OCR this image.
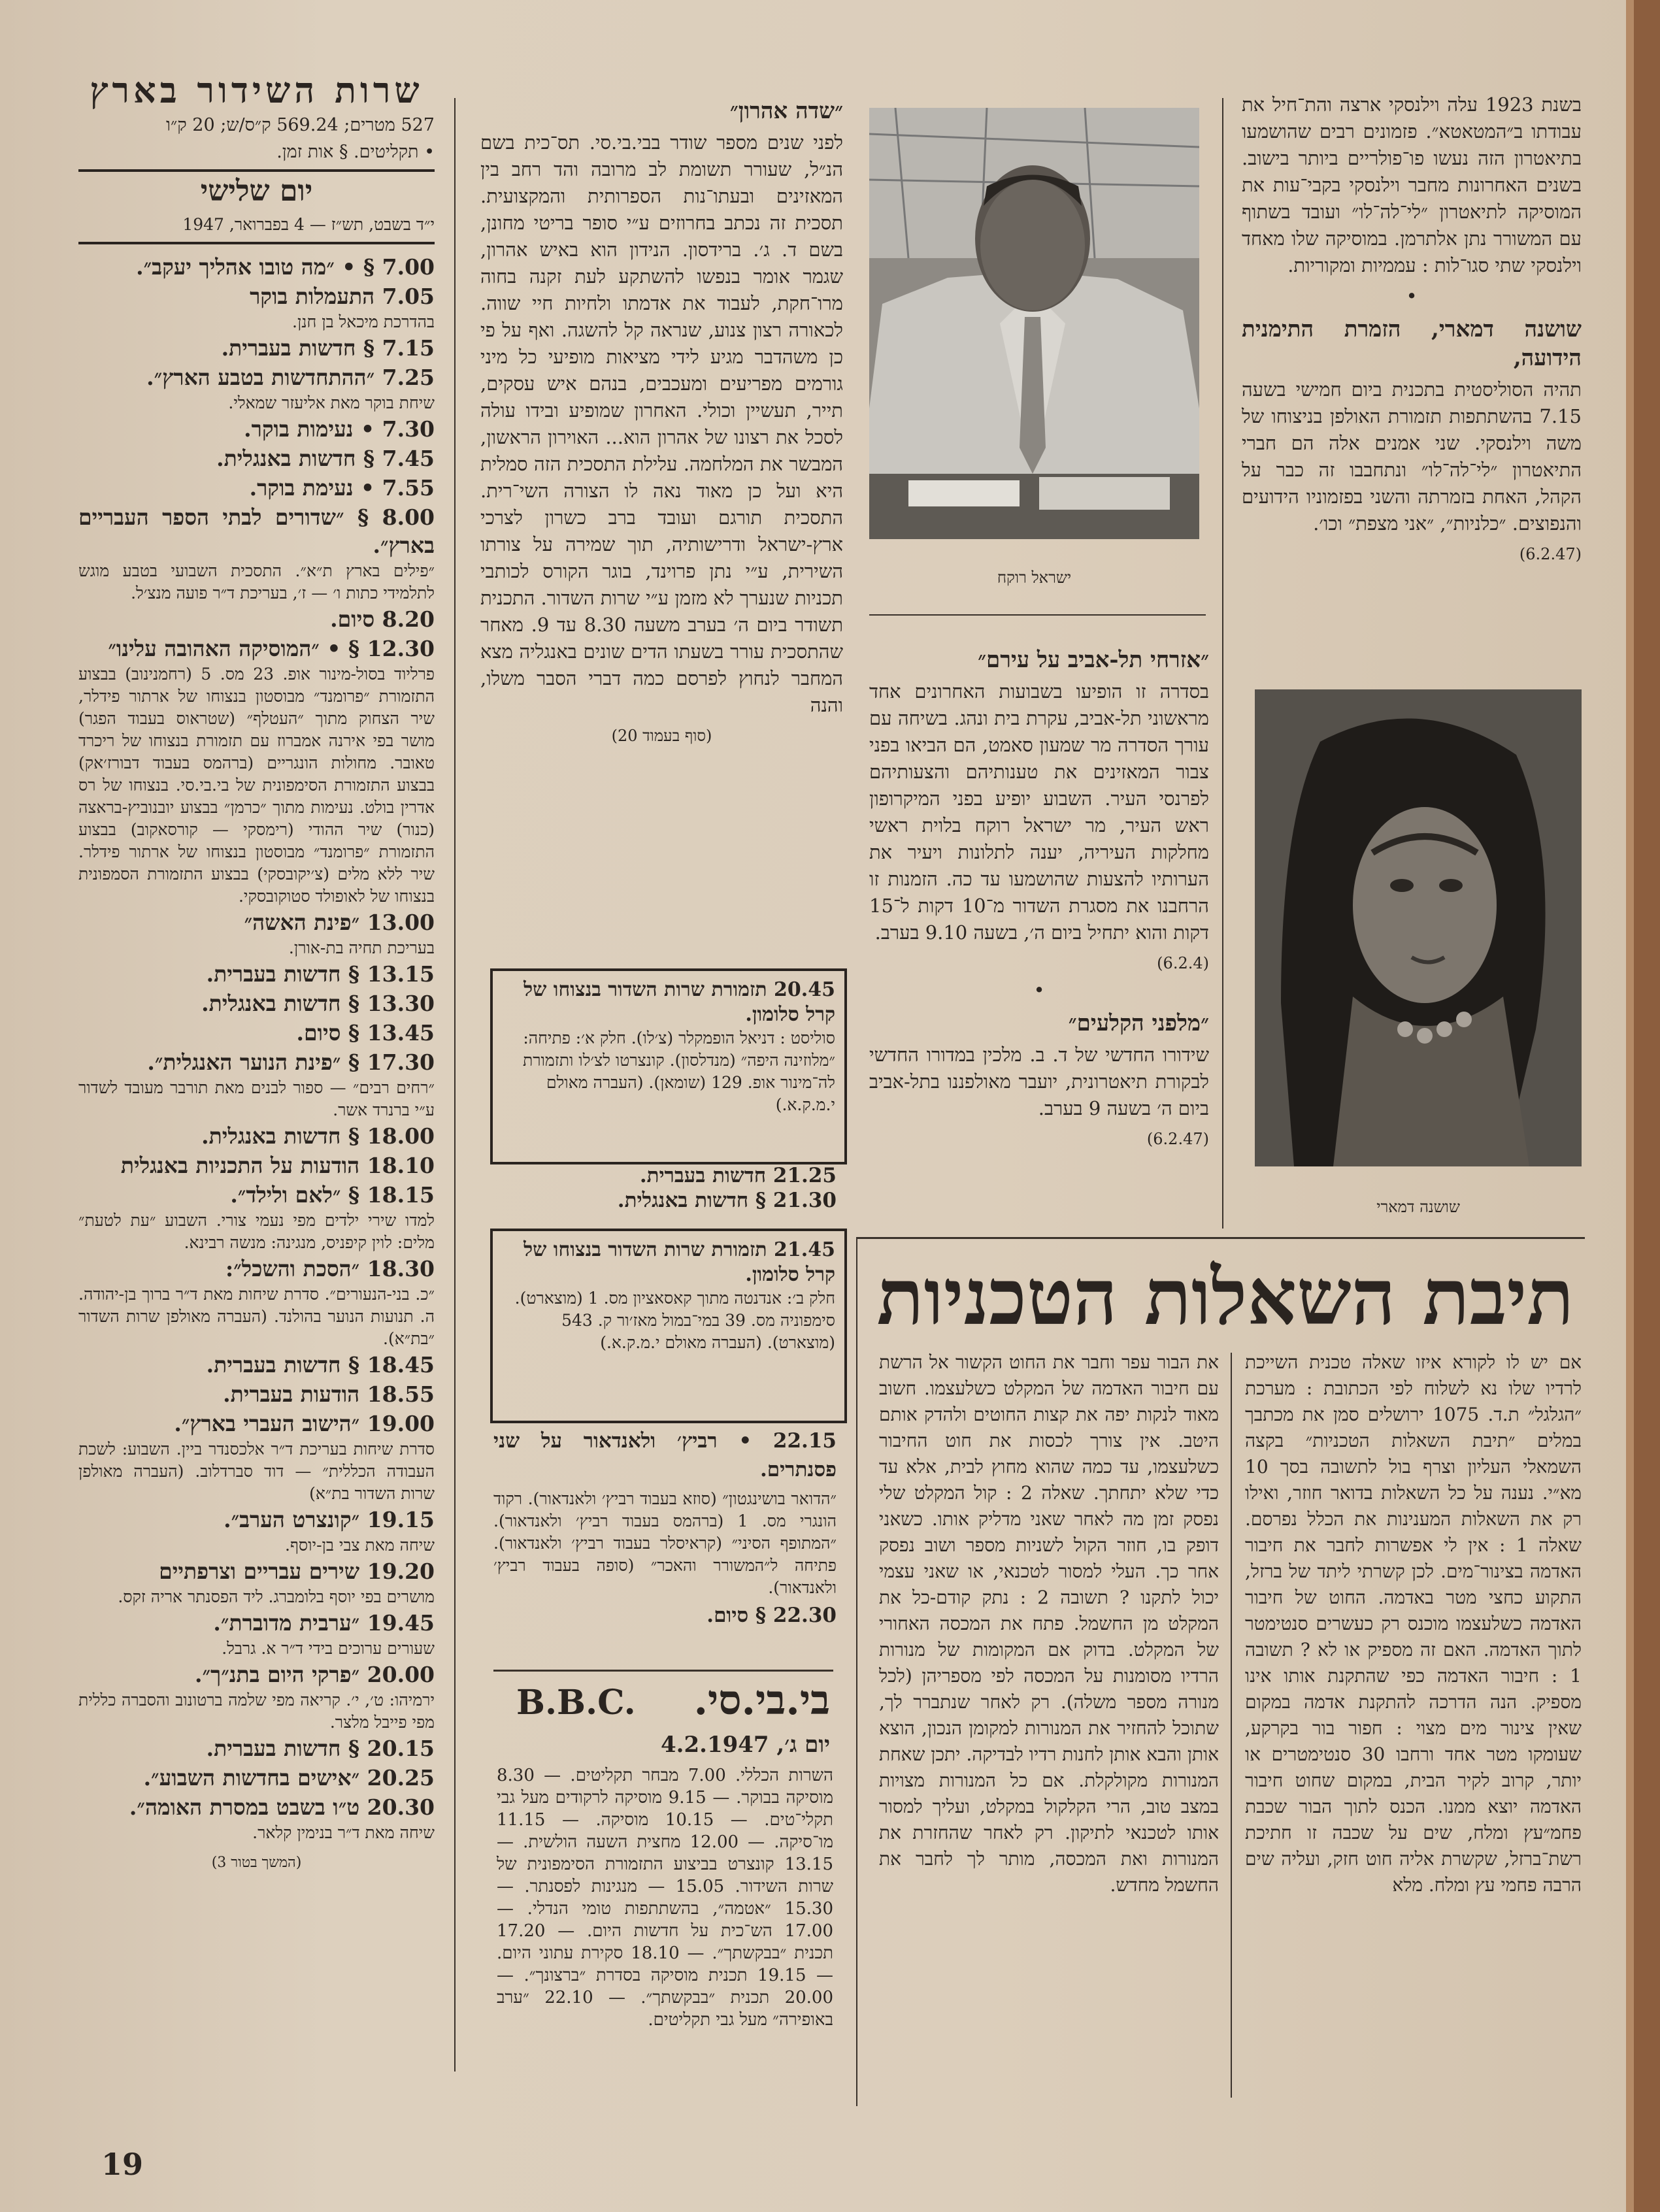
שרות השידור בארץ
527 מטרים; 569.24 ק״ס/ש; 20 ק״ו
• תקליטים. § אות זמן.
יום שלישי
י״ד בשבט, תש״ז — 4 בפברואר, 1947
7.00 § • ״מה טובו אהליך יעקב״.
7.05 התעמלות בוקר
בהדרכת מיכאל בן חנן.
7.15 § חדשות בעברית.
7.25 ״ההתחדשות בטבע הארץ״.
שיחת בוקר מאת אליעזר שמאלי.
7.30 • נעימות בוקר.
7.45 § חדשות באנגלית.
7.55 • נעימת בוקר.
8.00 § ״שדורים לבתי הספר העבריים בארץ״.
״פילים בארץ ת״א״. התסכית השבועי בטבע מוגש לתלמידי כתות ו׳ — ז׳, בעריכת ד״ר פועה מנצ׳ל.
8.20 סיום.
12.30 § • ״המוסיקה האהובה עלינו״
פרליוד בסול-מינור אופ. 23 מס. 5 (רחמנינוב) בבצוע התזמורת ״פרומנד״ מבוסטון בנצוחו של ארתור פידלר, שיר הצחוק מתוך ״העטלף״ (שטראוס בעבוד הפגר) מושר בפי אירנה אמברוז עם תזמורת בנצוחו של ריכרד טאובר. מחולות הונגריים (ברהמס בעבוד דבורז׳אק) בבצוע התזמורת הסימפונית של בי.בי.סי. בנצוחו של רס אדרין בולט. נעימות מתוך ״כרמן״ בבצוע יובנוביץ-בראצה (כנור) שיר ההודי (רימסקי — קורסאקוב) בבצוע התזמורת ״פרומנד״ מבוסטון בנצוחו של ארתור פידלר. שיר ללא מלים (צ׳יקובסקי) בבצוע התזמורת הסמפונית בנצוחו של לאופולד סטוקובסקי.
13.00 ״פינת האשה״
בעריכת תחיה בת-אורן.
13.15 § חדשות בעברית.
13.30 § חדשות באנגלית.
13.45 § סיום.
17.30 § ״פינת הנוער האנגלית״.
״רחים רבים״ — ספור לבנים מאת תורבר מעובד לשדור ע״י ברנרד אשר.
18.00 § חדשות באנגלית.
18.10 הודעות על התכניות באנגלית
18.15 § ״לאם ולילד״.
למדו שירי ילדים מפי נעמי צורי. השבוע ״עת לטעת״ מלים: לוין קיפניס, מנגינה: מנשה רבינא.
18.30 ״הסכת והשכל״:
״כ. בני-הנעורים״. סדרת שיחות מאת ד״ר ברוך בן-יהודה. ה. תנועות הנוער בהולנד. (העברה מאולפן שרות השדור ״בת״א).
18.45 § חדשות בעברית.
18.55 הודעות בעברית.
19.00 ״הישוב העברי בארץ״.
סדרת שיחות בעריכת ד״ר אלכסנדר ביין. השבוע: לשכת העבודה הכללית״ — דוד סברדלוב. (העברה מאולפן שרות השדור בת״א)
19.15 ״קונצרט הערב״.
שיחה מאת צבי בן-יוסף.
19.20 שירים עבריים וצרפתיים
מושרים בפי יוסף בלומברג. ליד הפסנתר אריה זקס.
19.45 ״ערבית מדוברת״.
שעורים ערוכים בידי ד״ר א. גרבל.
20.00 ״פרקי היום בתנ״ך״.
ירמיהו: ט׳, י׳. קריאה מפי שלמה ברטונוב והסברה כללית מפי פייבל מלצר.
20.15 § חדשות בעברית.
20.25 ״אישים בחדשות השבוע״.
20.30 ט״ו בשבט במסרת האומה״.
שיחה מאת ד״ר בנימין קלאר.
(המשך בטור 3)
״שדה אהרון״

לפני שנים מספר שודר בבי.בי.סי. תס־כית בשם הנ״ל, שעורר תשומת לב מרובה והד רחב בין המאזינים ובעתו־נות הספרותית והמקצועית. תסכית זה נכתב בחרוזים ע״י סופר בריטי מחונן, בשם ד. ג׳. ברידסון. הנידון הוא באיש אהרון, שגמר אומר בנפשו להשתקע לעת זקנה בחוה מרו־חקת, לעבוד את אדמתו ולחיות חיי שווה. לכאורה רצון צנוע, שנראה קל להשגה. ואף על פי כן משהדבר מגיע לידי מציאות מופיעי כל מיני גורמים מפריעים ומעכבים, בנהם איש עסקים, תייר, תעשיין וכולי. האחרון שמופיע ובידו עולה לסכל את רצונו של אהרון הוא... האוירון הראשון, המבשר את המלחמה. עלילת התסכית הזה סמלית היא ועל כן מאוד נאה לו הצורה השי־רית. התסכית תורגם ועובד ברב כשרון לצרכי ארץ-ישראל ודרישותיה, תוך שמירה על צורתו השירית, ע״י נתן פרוינד, בוגר הקורס לכותבי תכניות שנערך לא מזמן ע״י שרות השדור. התכנית תשודר ביום ה׳ בערב משעה 8.30 עד 9. מאחר שהתסכית עורר בשעתו הדים שונים באנגליה מצא המחבר לנחוץ לפרסם כמה דברי הסבר משלו, והנה

(סוף בעמוד 20)
20.45 תזמורת שרות השדור בנצוחו של קרל סלומון.
סוליסט : דניאל הופמקלר (צ׳לו). חלק א׳: פתיחה: ״מלוזינה היפה״ (מנדלסון). קונצרטו לצ׳לו ותזמורת לה־מינור אופ. 129 (שומאן). (העברה מאולם י.מ.ק.א.)
21.25 חדשות בעברית.
21.30 § חדשות באנגלית.
21.45 תזמורת שרות השדור בנצוחו של קרל סלומון.
חלק ב׳: אנדנטה מתוך קאסאציון מס. 1 (מוצארט). סימפוניה מס. 39 במי־במול מאז׳ור ק. 543 (מוצארט). (העברה מאולם י.מ.ק.א.)
22.15 • רביץ׳ ולאנדאור על שני פסנתרים.
״הדואר בושינגטון״ (סוזא בעבוד רביץ׳ ולאנדאור). רקוד הונגרי מס. 1 (ברהמס בעבוד רביץ׳ ולאנדאור). ״המתופף הסיני״ (קראיסלר בעבוד רביץ׳ ולאנדאור). פתיחה ל״המשורר והאכר״ (סופה בעבוד רביץ׳ ולאנדאור).
22.30 § סיום.
B.B.C.	בי.בי.סי.
יום ג׳, 4.2.1947
השרות הכללי. 7.00 מבחר תקליטים. — 8.30 מוסיקה בבוקר. — 9.15 מוסיקה לרקודים מעל גבי תקלי־טים. — 10.15 מוסיקה. — 11.15 מו־סיקה. — 12.00 מחצית השעה הולשית. — 13.15 קונצרט בביצוע התזמורת הסימפונית של שרות השידור. 15.05 — מנגינות לפסנתר. — 15.30 ״אטמה״, בהשתתפות טומי הנדלי. — 17.00 הש־כית על חדשות היום. — 17.20 תכנית ״בבקשתך״. — 18.10 סקירת עתוני היום. — 19.15 תכנית מוסיקה בסדרת ״ברצונך״. — 20.00 תכנית ״בבקשתך״. — 22.10 ״ערב באופירה״ מעל גבי תקליטים.
ישראל רוקח
״אזרחי תל-אביב על עירם״

בסדרה זו הופיעו בשבועות האחרונים אחד מראשוני תל-אביב, עקרת בית ונהג. בשיחה עם עורך הסדרה מר שמעון סאמט, הם הביאו בפני צבור המאזינים את טענותיהם והצעותיהם לפרנסי העיר. השבוע יופיע בפני המיקרופון ראש העיר, מר ישראל רוקח בלוית ראשי מחלקות העיריה, יענה לתלונות ויעיר את הערותיו להצעות שהושמעו עד כה. הזמנות זו הרחבנו את מסגרת השדור מ־10 דקות ל־15 דקות והוא יתחיל ביום ה׳, בשעה 9.10 בערב.

(6.2.4)
•
״מלפני הקלעים״

שידורו החדשי של ד. ב. מלכין במדורו החדשי לבקורת תיאטרונית, יועבר מאולפננו בתל-אביב ביום ה׳ בשעה 9 בערב.

(6.2.47)

בשנת 1923 עלה וילנסקי ארצה והת־חיל את עבודתו ב״המטאטא״. פזמונים רבים שהושמעו בתיאטרון הזה נעשו פו־פולריים ביותר בישוב. בשנים האחרונות מחבר וילנסקי בקבי־עות את המוסיקה לתיאטרון ״לי־לה־לו״ ועובד בשתוף עם המשורר נתן אלתרמן. במוסיקה שלו מאחד וילנסקי שתי סגו־לות : עממיות ומקוריות.

•
שושנה דמארי, הזמרת התימנית הידועה,

תהיה הסוליסטית בתכנית ביום חמישי בשעה 7.15 בהשתתפות תזמורת האולפן בניצוחו של משה וילנסקי. שני אמנים אלה הם חברי התיאטרון ״לי־לה־לו״ ונתחבבו זה כבר על הקהל, האחת בזמרתה והשני בפזמוניו הידועים והנפוצים. ״כלניות״, ״אני מצפת״ וכו׳.

(6.2.47)
שושנה דמארי
תיבת השאלות הטכניות
אם יש לו לקורא איזו שאלה טכנית השייכת לרדיו שלו נא לשלוח לפי הכתובת : מערכת ״הגלגל״ ת.ד. 1075 ירושלים סמן את מכתבך במלים ״תיבת השאלות הטכניות״ בקצה השמאלי העליון וצרף בול לתשובה בסך 10 מא״י. נענה על כל השאלות בדואר חוזר, ואילו רק את השאלות המענינות את הכלל נפרסם. שאלה 1 : אין לי אפשרות לחבר את חיבור האדמה בצינור־מים. לכן קשרתי ליתד של ברזל, התקוע כחצי מטר באדמה. החוט של חיבור האדמה כשלעצמו מוכנס רק כעשרים סנטימטר לתוך האדמה. האם זה מספיק או לא ? תשובה 1 : חיבור האדמה כפי שהתקנת אותו אינו מספיק. הנה הדרכה להתקנת אדמה במקום שאין צינור מים מצוי : חפור בור בקרקע, שעומקו מטר אחד ורחבו 30 סנטימטרים או יותר, קרוב לקיר הבית, במקום שחוט חיבור האדמה יוצא ממנו. הכנס לתוך הבור שכבת פחמ״עץ ומלח, שים על שכבה זו חתיכת רשת־ברזל, שקשרת אליה חוט חזק, ועליה שים הרבה פחמי עץ ומלח. מלא
את הבור עפר וחבר את החוט הקשור אל הרשת עם חיבור האדמה של המקלט כשלעצמו. חשוב מאוד לנקות יפה את קצות החוטים ולהדק אותם היטב. אין צורך לכסות את חוט החיבור כשלעצמו, עד כמה שהוא מחוץ לבית, אלא עד כדי שלא יתחתך. שאלה 2 : קול המקלט שלי נפסק זמן מה לאחר שאני מדליק אותו. כשאני דופק בו, חוזר הקול לשניות מספר ושוב נפסק אחר כך. העלי למסור לטכנאי, או שאני עצמי יכול לתקנו ? תשובה 2 : נתק קודם-כל את המקלט מן החשמל. פתח את המכסה האחורי של המקלט. בדוק אם המקומות של מנורות הרדיו מסומנות על המכסה לפי מספריהן (לכל מנורה מספר משלה). רק לאחר שנתברר לך, שתוכל להחזיר את המנורות למקומן הנכון, הוצא אותן והבא אותן לחנות רדיו לבדיקה. יתכן שאחת המנורות מקולקלת. אם כל המנורות מצויות במצב טוב, הרי הקלקול במקלט, ועליך למסור אותו לטכנאי לתיקון. רק לאחר שהחזרת את המנורות ואת המכסה, מותר לך לחבר את החשמל מחדש.
19
